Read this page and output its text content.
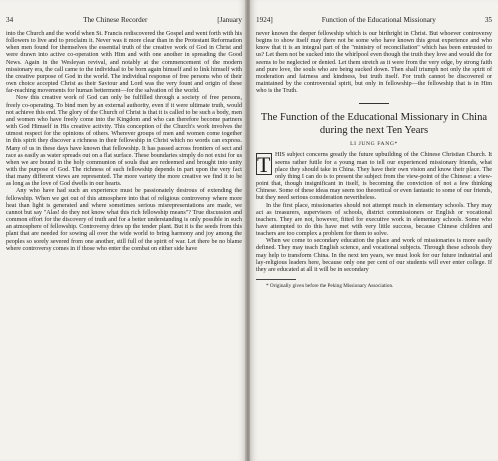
34	The Chinese Recorder	[January

into the Church and the world when St. Francis rediscovered the Gospel and went forth with his followers to live and to proclaim it. Never was it more clear than in the Protestant Reformation when men found for themselves the essential truth of the creative work of God in Christ and were drawn into active co-operation with Him and with one another in spreading the Good News. Again in the Wesleyan revival, and notably at the commencement of the modern missionary era, the call came to the individual to be born again himself and to link himself with the creative purpose of God in the world. The individual response of free persons who of their own choice accepted Christ as their Saviour and Lord was the very fount and origin of these far-reaching movements for human betterment—for the salvation of the world.

Now this creative work of God can only be fulfilled through a society of free persons, freely co-operating. To bind men by an external authority, even if it were ultimate truth, would not achieve this end. The glory of the Church of Christ is that it is called to be such a body, men and women who have freely come into the Kingdom and who can therefore become partners with God Himself in His creative activity. This conception of the Church's work involves the utmost respect for the opinions of others. Wherever groups of men and women come together in this spirit they discover a richness in their fellowship in Christ which no words can express. Many of us in these days have known that fellowship. It has passed across frontiers of sect and race as easily as water spreads out on a flat surface. These boundaries simply do not exist for us when we are bound in the holy communion of souls that are redeemed and brought into unity with the purpose of God. The richness of such fellowship depends in part upon the very fact that many different views are represented. The more variety the more creative we find it to be as long as the love of God dwells in our hearts.

Any who have had such an experience must be passionately desirous of extending the fellowship. When we get out of this atmosphere into that of religious controversy where more heat than light is generated and where sometimes serious misrepresentations are made, we cannot but say "Alas! do they not know what this rich fellowship means"? True discussion and common effort for the discovery of truth and for a better understanding is only possible in such an atmosphere of fellowship. Controversy dries up the tender plant. But it is the seeds from this plant that are needed for sowing all over the wide world to bring harmony and joy among the peoples so sorely severed from one another, still full of the spirit of war. Let there be no blame where controversy comes in if those who enter the combat on either side have

1924]	Function of the Educational Missionary	35

never known the deeper fellowship which is our birthright in Christ. But whoever controversy begins to show itself may there not be some who have known this great experience and who know that it is an integral part of the "ministry of reconciliation" which has been entrusted to us? Let them not be sucked into the whirlpool even though the truth they love and would die for seems to be neglected or denied. Let them stretch as it were from the very edge, by strong faith and pure love, the souls who are being sucked down. Then shall triumph not only the spirit of moderation and fairness and kindness, but truth itself. For truth cannot be discovered or maintained by the controversial spirit, but only in fellowship—the fellowship that is in Him who is the Truth.

The Function of the Educational Missionary in China during the next Ten Years
LI JUNG FANG*

T HIS subject concerns greatly the future upbuilding of the Chinese Christian Church. It seems rather futile for a young man to tell our experienced missionary friends, what place they should take in China. They have their own vision and know their place. The only thing I can do is to present the subject from the view-point of the Chinese: a view-point that, though insignificant in itself, is becoming the conviction of not a few thinking Chinese. Some of these ideas may seem too theoretical or even fantastic to some of our friends, but they need serious consideration nevertheless.

In the first place, missionaries should not attempt much in elementary schools. They may act as treasurers, supervisors of schools, district commissioners or English or vocational teachers. They are not, however, fitted for executive work in elementary schools. Some who have attempted to do this have met with very little success, because Chinese children and teachers are too complex a problem for them to solve.

When we come to secondary education the place and work of missionaries is more easily defined. They may teach English science, and vocational subjects. Through these schools they may help to transform China. In the next ten years, we must look for our future industrial and lay-religious leaders here, because only one per cent of our students will ever enter college. If they are educated at all it will be in secondary

* Originally given before the Peking Missionary Association.
